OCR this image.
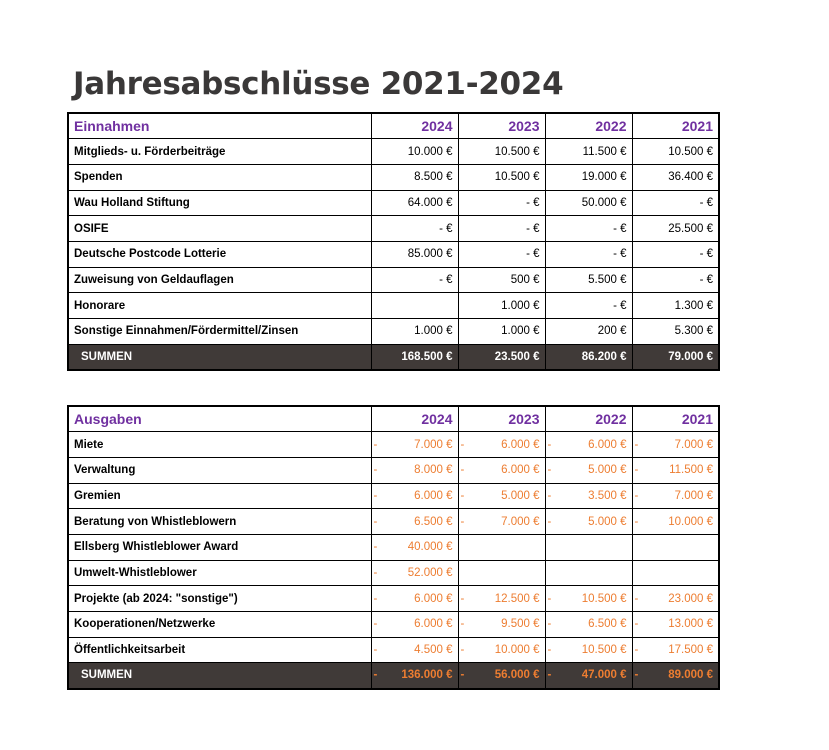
Jahresabschlüsse 2021-2024
Einnahmen	2024	2023	2022	2021
Mitglieds- u. Förderbeiträge	10.000 €	10.500 €	11.500 €	10.500 €
Spenden	8.500 €	10.500 €	19.000 €	36.400 €
Wau Holland Stiftung	64.000 €	- €	50.000 €	- €
OSIFE	- €	- €	- €	25.500 €
Deutsche Postcode Lotterie	85.000 €	- €	- €	- €
Zuweisung von Geldauflagen	- €	500 €	5.500 €	- €
Honorare		1.000 €	- €	1.300 €
Sonstige Einnahmen/Fördermittel/Zinsen	1.000 €	1.000 €	200 €	5.300 €
SUMMEN	168.500 €	23.500 €	86.200 €	79.000 €
Ausgaben	2024	2023	2022	2021
Miete	- 7.000 €	- 6.000 €	- 6.000 €	- 7.000 €
Verwaltung	- 8.000 €	- 6.000 €	- 5.000 €	- 11.500 €
Gremien	- 6.000 €	- 5.000 €	- 3.500 €	- 7.000 €
Beratung von Whistleblowern	- 6.500 €	- 7.000 €	- 5.000 €	- 10.000 €
Ellsberg Whistleblower Award	- 40.000 €			
Umwelt-Whistleblower	- 52.000 €			
Projekte (ab 2024: "sonstige")	- 6.000 €	- 12.500 €	- 10.500 €	- 23.000 €
Kooperationen/Netzwerke	- 6.000 €	- 9.500 €	- 6.500 €	- 13.000 €
Öffentlichkeitsarbeit	- 4.500 €	- 10.000 €	- 10.500 €	- 17.500 €
SUMMEN	- 136.000 €	- 56.000 €	- 47.000 €	- 89.000 €
